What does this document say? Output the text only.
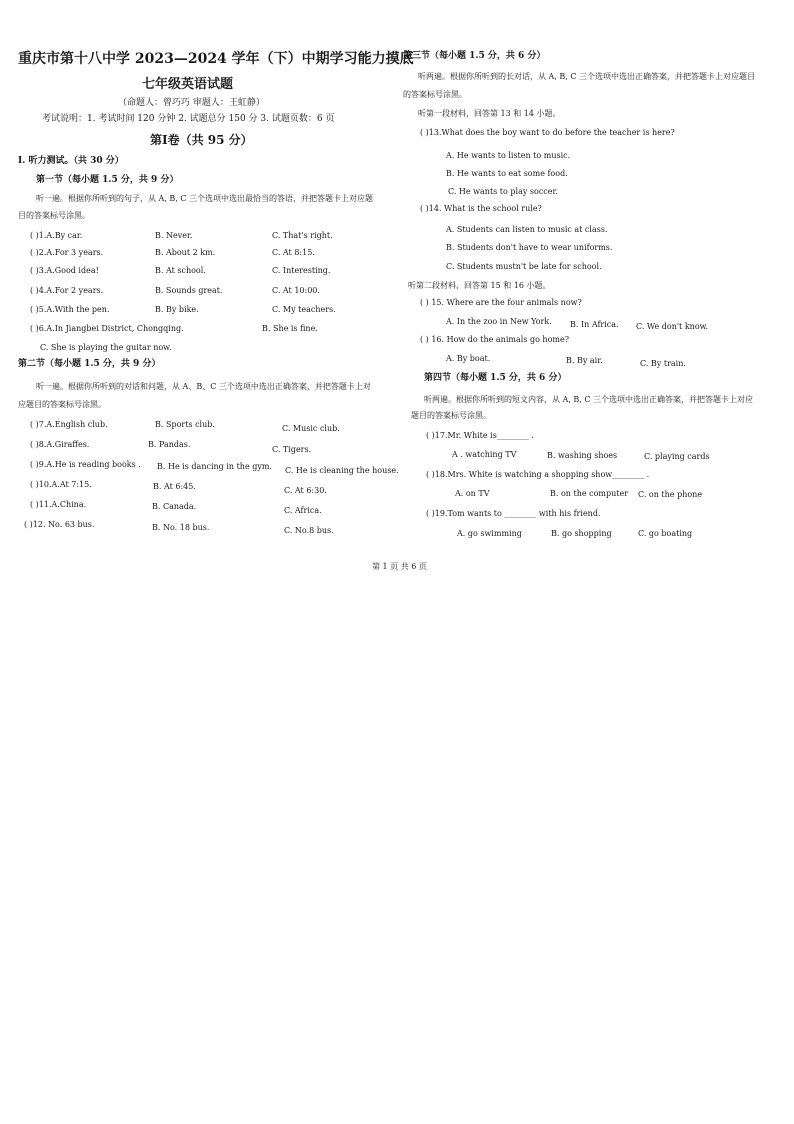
重庆市第十八中学 2023—2024 学年（下）中期学习能力摸底
七年级英语试题
（命题人：曾巧巧 审题人：王虹静）
考试说明：1. 考试时间 120 分钟 2. 试题总分 150 分 3. 试题页数：6 页
第Ⅰ卷（共 95 分）
Ⅰ. 听力测试。（共 30 分）
第一节（每小题 1.5 分，共 9 分）
听一遍。根据你所听到的句子，从 A, B, C 三个选项中选出最恰当的答语，并把答题卡上对应题
目的答案标号涂黑。
( )1.A.By car.	B. Never.	C. That's right.
( )2.A.For 3 years.	B. About 2 km.	C. At 8:15.
( )3.A.Good idea!	B. At school.	C. Interesting.
( )4.A.For 2 years.	B. Sounds great.	C. At 10:00.
( )5.A.With the pen.	B. By bike.	C. My teachers.
( )6.A.In Jiangbei District, Chongqing.	B. She is fine.
C. She is playing the guitar now.
第二节（每小题 1.5 分，共 9 分）
听一遍。根据你所听到的对话和问题，从 A、B、C 三个选项中选出正确答案，并把答题卡上对
应题目的答案标号涂黑。
( )7.A.English club.	B. Sports club.	C. Music club.
( )8.A.Giraffes.	B. Pandas.
C. Tigers.
( )9.A.He is reading books . B. He is dancing in the gym. C. He is cleaning the house.
( )10.A.At 7:15.	B. At 6:45.	C. At 6:30.
( )11.A.China.	B. Canada.	C. Africa.
( )12. No. 63 bus.	B. No. 18 bus.	C. No.8 bus.
第三节（每小题 1.5 分，共 6 分）
听两遍。根据你所听到的长对话，从 A, B, C 三个选项中选出正确答案，并把答题卡上对应题目
的答案标号涂黑。
听第一段材料，回答第 13 和 14 小题。
( )13.What does the boy want to do before the teacher is here?
A. He wants to listen to music.
B. He wants to eat some food.
C. He wants to play soccer.
( )14. What is the school rule?
A. Students can listen to music at class.
B. Students don't have to wear uniforms.
C. Students mustn't be late for school.
听第二段材料，回答第 15 和 16 小题。
( ) 15. Where are the four animals now?
A. In the zoo in New York. B. In Africa. C. We don't know.
( ) 16. How do the animals go home?
A. By boat.	B. By air.	C. By train.
第四节（每小题 1.5 分，共 6 分）
听两遍。根据你所听到的短文内容，从 A, B, C 三个选项中选出正确答案，并把答题卡上对应
题目的答案标号涂黑。
( )17.Mr. White is________ .
A . watching TV	B. washing shoes	C. playing cards
( )18.Mrs. White is watching a shopping show________ .
A. on TV	B. on the computer C. on the phone
( )19.Tom wants to ________ with his friend.
A. go swimming	B. go shopping	C. go boating
第 1 页 共 6 页
